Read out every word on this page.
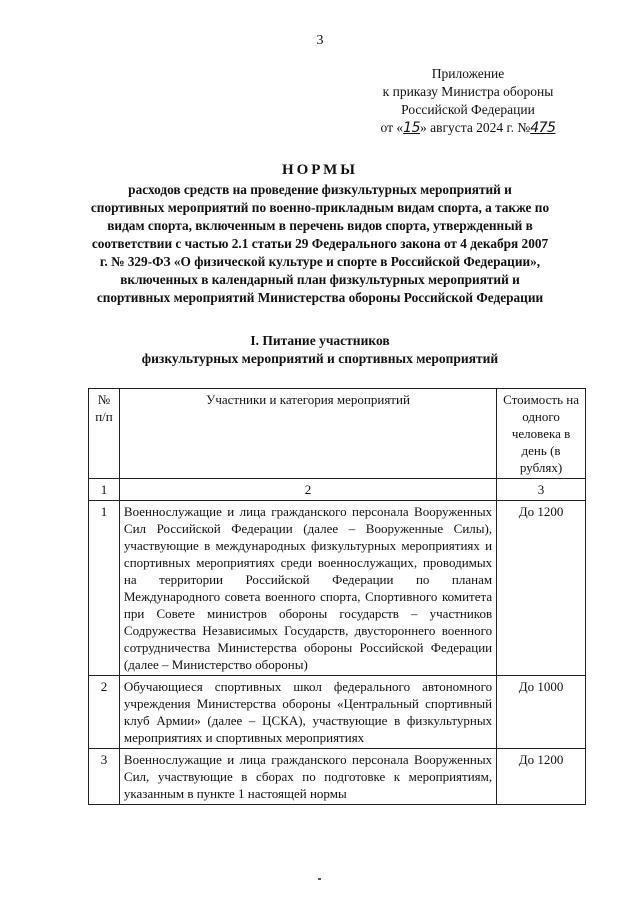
3
Приложение
к приказу Министра обороны
Российской Федерации
от «15» августа 2024 г. №475
НОРМЫ
расходов средств на проведение физкультурных мероприятий и спортивных мероприятий по военно-прикладным видам спорта, а также по видам спорта, включенным в перечень видов спорта, утвержденный в соответствии с частью 2.1 статьи 29 Федерального закона от 4 декабря 2007 г. № 329-ФЗ «О физической культуре и спорте в Российской Федерации», включенных в календарный план физкультурных мероприятий и спортивных мероприятий Министерства обороны Российской Федерации
I. Питание участников
физкультурных мероприятий и спортивных мероприятий
№ п/п	Участники и категория мероприятий	Стоимость на одного человека в день (в рублях)
1	2	3
1	Военнослужащие и лица гражданского персонала Вооруженных Сил Российской Федерации (далее – Вооруженные Силы), участвующие в международных физкультурных мероприятиях и спортивных мероприятиях среди военнослужащих, проводимых на территории Российской Федерации по планам Международного совета военного спорта, Спортивного комитета при Совете министров обороны государств – участников Содружества Независимых Государств, двустороннего военного сотрудничества Министерства обороны Российской Федерации (далее – Министерство обороны)	До 1200
2	Обучающиеся спортивных школ федерального автономного учреждения Министерства обороны «Центральный спортивный клуб Армии» (далее – ЦСКА), участвующие в физкультурных мероприятиях и спортивных мероприятиях	До 1000
3	Военнослужащие и лица гражданского персонала Вооруженных Сил, участвующие в сборах по подготовке к мероприятиям, указанным в пункте 1 настоящей нормы	До 1200
